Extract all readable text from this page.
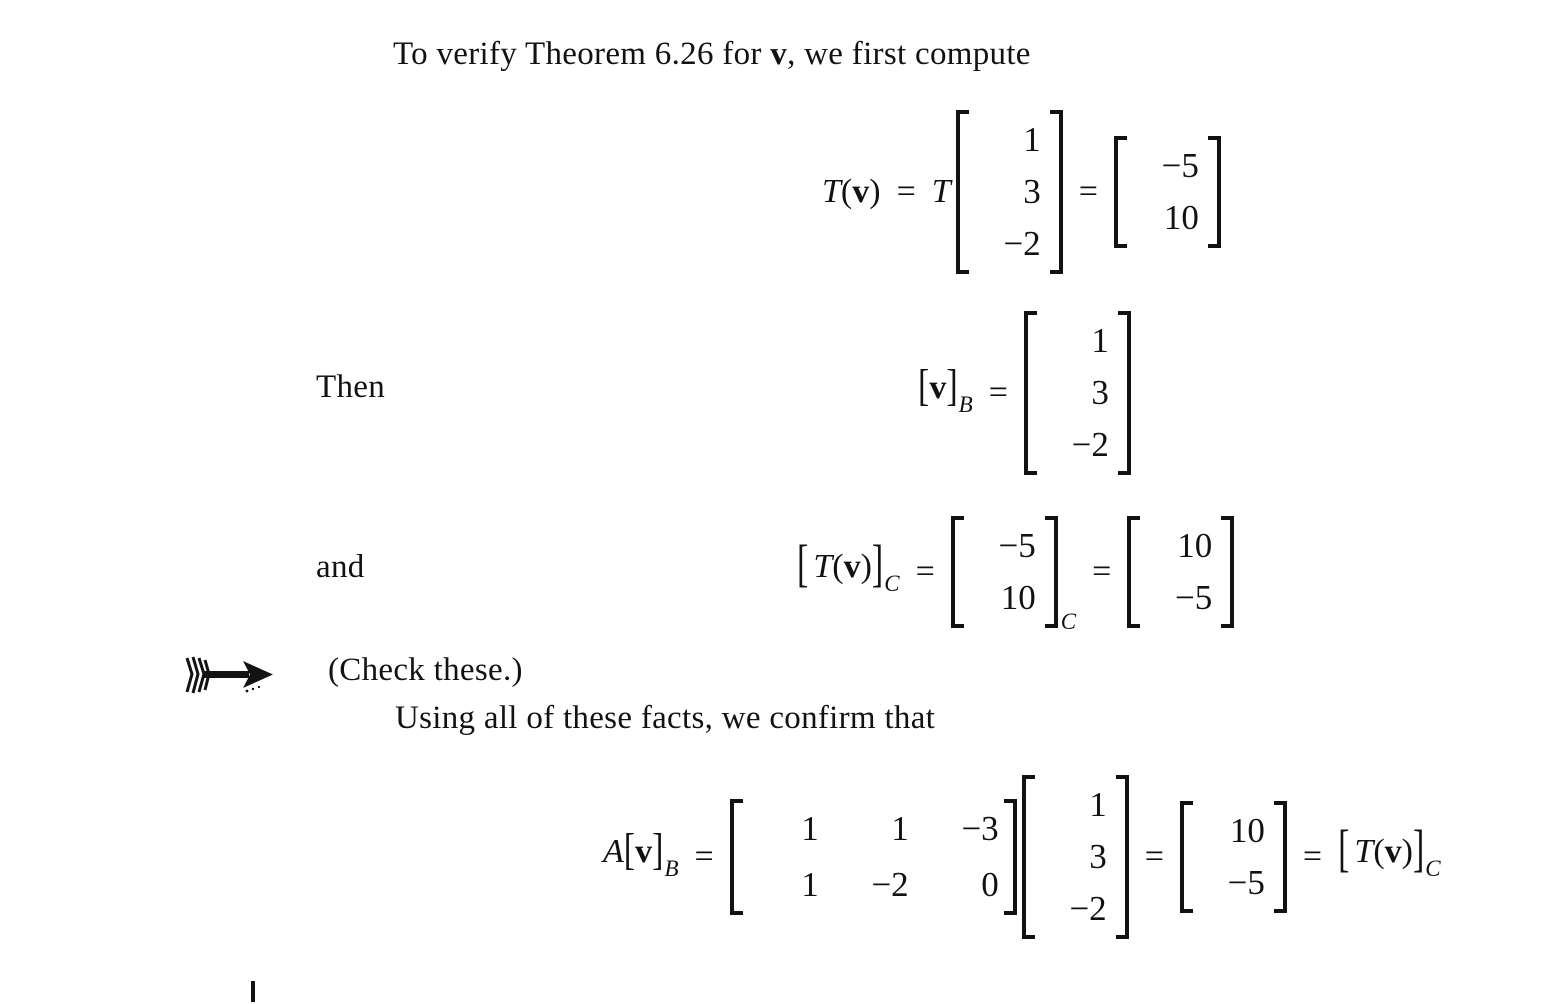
To verify Theorem 6.26 for v, we first compute

T(v) = T
1
3
−2
=
−5
10

Then	$[v]_B$ =
1
3
−2

and	[ $T(v)]_C$ =
−5
10
C
=
10
−5

(Check these.)

Using all of these facts, we confirm that

$A[v]_B$ =
1	1	−3
1	−2	0
1
3
−2
=
10
−5
= [ $T(v)]_C$
